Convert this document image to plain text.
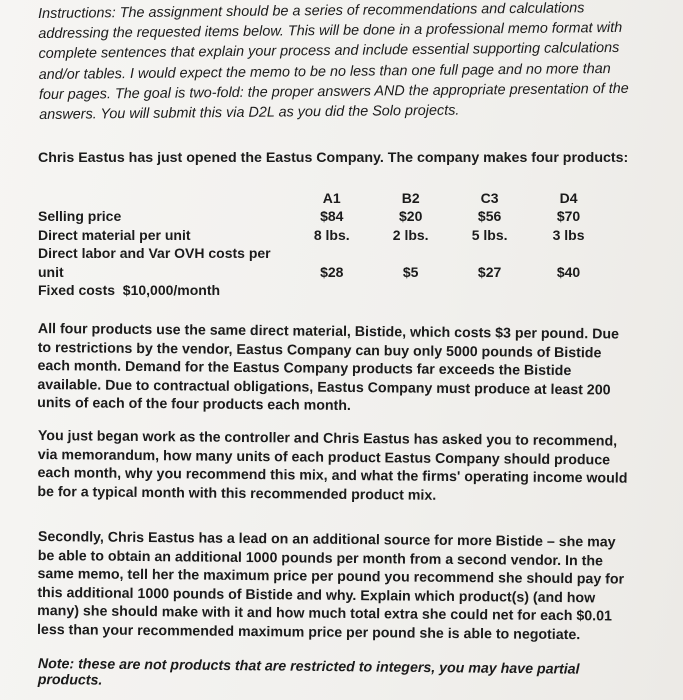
Instructions: The assignment should be a series of recommendations and calculations addressing the requested items below. This will be done in a professional memo format with complete sentences that explain your process and include essential supporting calculations and/or tables. I would expect the memo to be no less than one full page and no more than four pages. The goal is two-fold: the proper answers AND the appropriate presentation of the answers. You will submit this via D2L as you did the Solo projects.
Chris Eastus has just opened the Eastus Company. The company makes four products:
	A1	B2	C3	D4
Selling price	$84	$20	$56	$70
Direct material per unit	8 lbs.	2 lbs.	5 lbs.	3 lbs
Direct labor and Var OVH costs per unit	$28	$5	$27	$40
Fixed costs  $10,000/month				
All four products use the same direct material, Bistide, which costs $3 per pound. Due to restrictions by the vendor, Eastus Company can buy only 5000 pounds of Bistide each month. Demand for the Eastus Company products far exceeds the Bistide available. Due to contractual obligations, Eastus Company must produce at least 200 units of each of the four products each month.
You just began work as the controller and Chris Eastus has asked you to recommend, via memorandum, how many units of each product Eastus Company should produce each month, why you recommend this mix, and what the firms' operating income would be for a typical month with this recommended product mix.
Secondly, Chris Eastus has a lead on an additional source for more Bistide – she may be able to obtain an additional 1000 pounds per month from a second vendor. In the same memo, tell her the maximum price per pound you recommend she should pay for this additional 1000 pounds of Bistide and why. Explain which product(s) (and how many) she should make with it and how much total extra she could net for each $0.01 less than your recommended maximum price per pound she is able to negotiate.
Note: these are not products that are restricted to integers, you may have partial products.
